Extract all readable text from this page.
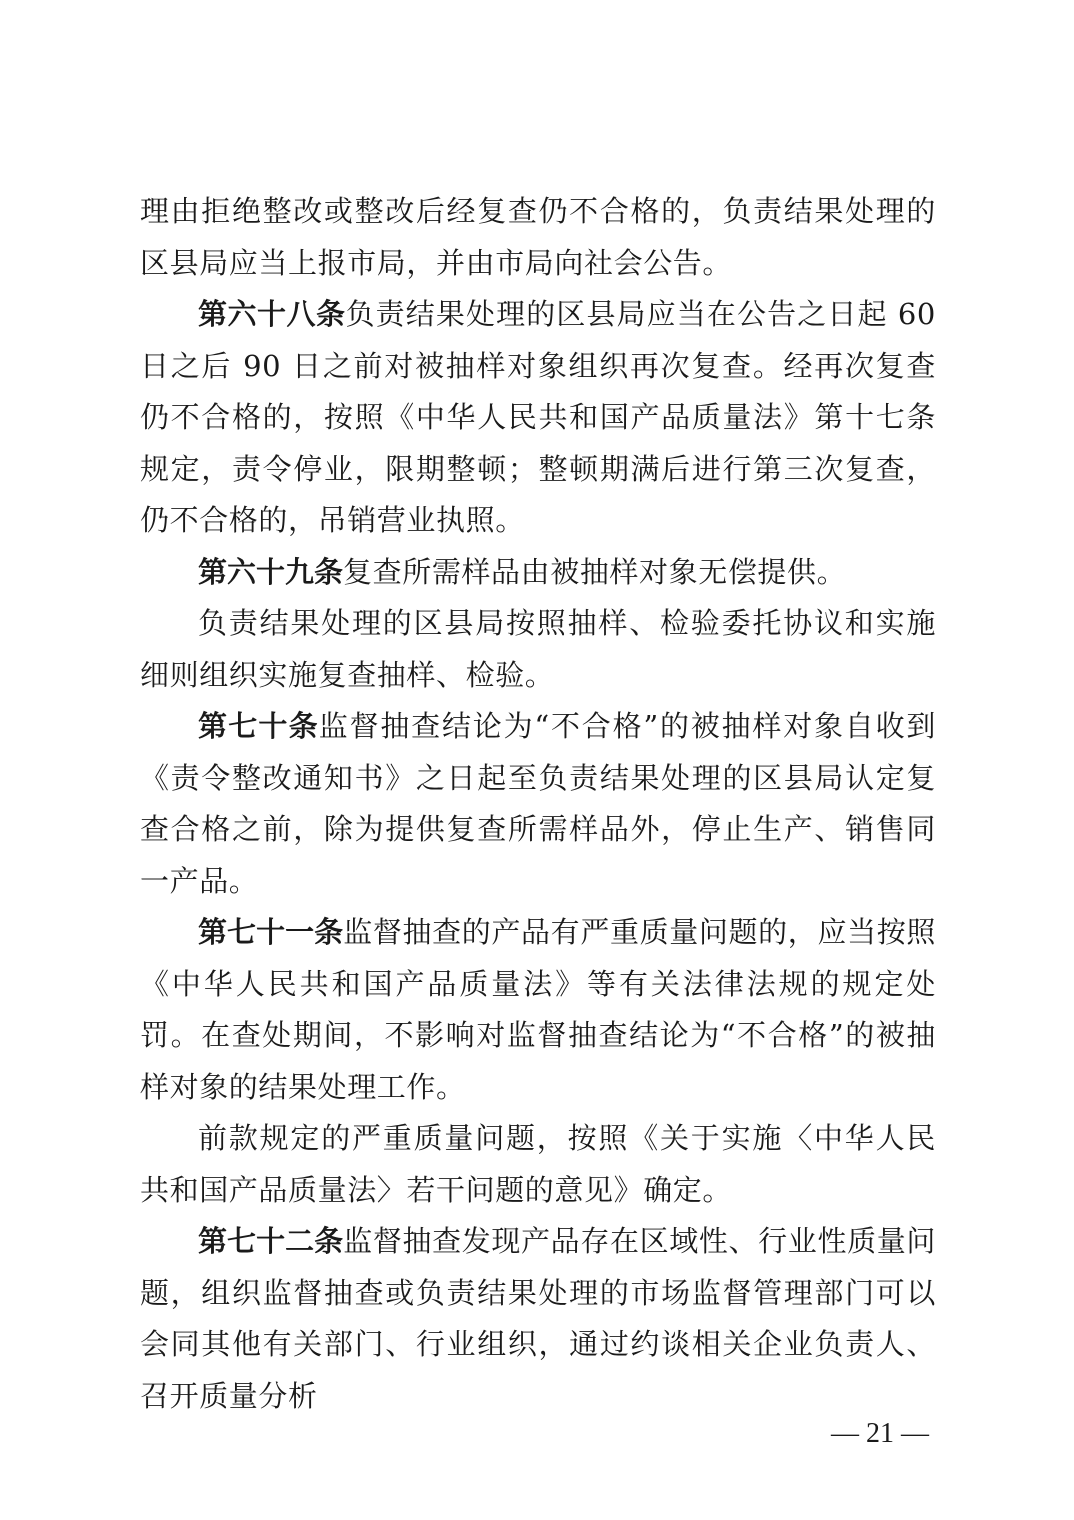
理由拒绝整改或整改后经复查仍不合格的，负责结果处理的区县局应当上报市局，并由市局向社会公告。

第六十八条负责结果处理的区县局应当在公告之日起 60 日之后 90 日之前对被抽样对象组织再次复查。经再次复查仍不合格的，按照《中华人民共和国产品质量法》第十七条规定，责令停业，限期整顿；整顿期满后进行第三次复查，仍不合格的，吊销营业执照。

第六十九条复查所需样品由被抽样对象无偿提供。

负责结果处理的区县局按照抽样、检验委托协议和实施细则组织实施复查抽样、检验。

第七十条监督抽查结论为“不合格”的被抽样对象自收到《责令整改通知书》之日起至负责结果处理的区县局认定复查合格之前，除为提供复查所需样品外，停止生产、销售同一产品。

第七十一条监督抽查的产品有严重质量问题的，应当按照《中华人民共和国产品质量法》等有关法律法规的规定处罚。在查处期间，不影响对监督抽查结论为“不合格”的被抽样对象的结果处理工作。

前款规定的严重质量问题，按照《关于实施〈中华人民共和国产品质量法〉若干问题的意见》确定。

第七十二条监督抽查发现产品存在区域性、行业性质量问题，组织监督抽查或负责结果处理的市场监督管理部门可以会同其他有关部门、行业组织，通过约谈相关企业负责人、召开质量分析

— 21 —
